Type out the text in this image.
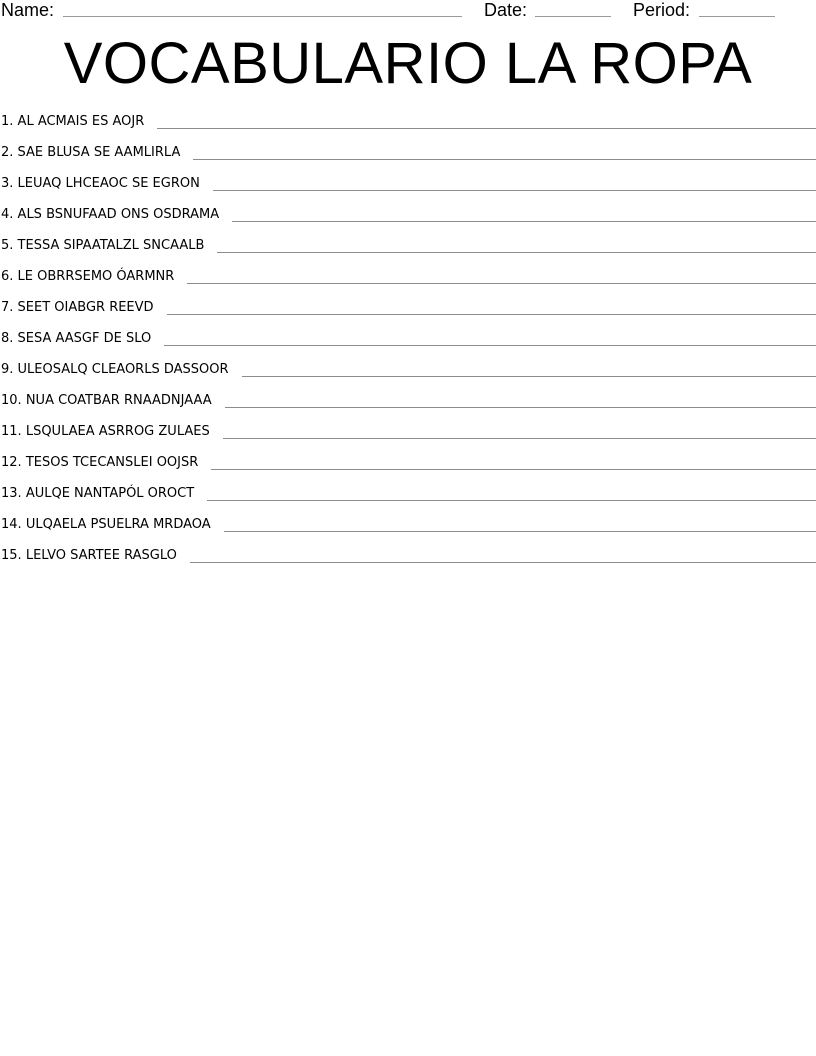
Name:	Date:	Period:
VOCABULARIO LA ROPA
1. AL ACMAIS ES AOJR
2. SAE BLUSA SE AAMLIRLA
3. LEUAQ LHCEAOC SE EGRON
4. ALS BSNUFAAD ONS OSDRAMA
5. TESSA SIPAATALZL SNCAALB
6. LE OBRRSEMO ÓARMNR
7. SEET OIABGR REEVD
8. SESA AASGF DE SLO
9. ULEOSALQ CLEAORLS DASSOOR
10. NUA COATBAR RNAADNJAAA
11. LSQULAEA ASRROG ZULAES
12. TESOS TCECANSLEI OOJSR
13. AULQE NANTAPÓL OROCT
14. ULQAELA PSUELRA MRDAOA
15. LELVO SARTEE RASGLO
